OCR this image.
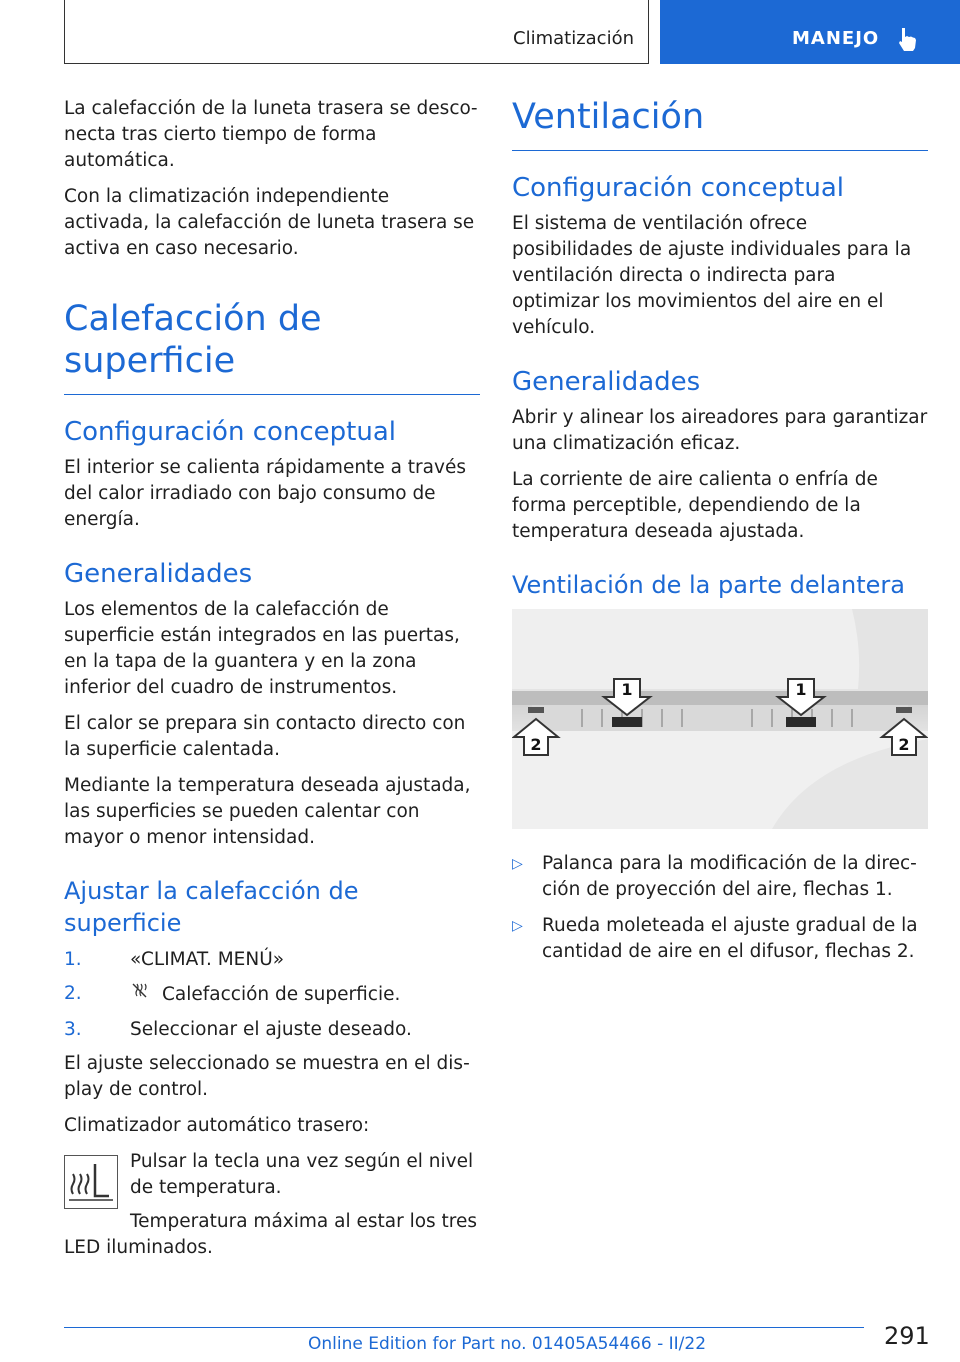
Climatización	MANEJO

La calefacción de la luneta trasera se desconecta tras cierto tiempo de forma automática.

Con la climatización independiente activada, la calefacción de luneta trasera se activa en caso necesario.

Calefacción de superficie
Configuración conceptual

El interior se calienta rápidamente a través del calor irradiado con bajo consumo de energía.

Generalidades

Los elementos de la calefacción de superficie están integrados en las puertas, en la tapa de la guantera y en la zona inferior del cuadro de instrumentos.

El calor se prepara sin contacto directo con la superficie calentada.

Mediante la temperatura deseada ajustada, las superficies se pueden calentar con mayor o menor intensidad.

Ajustar la calefacción de superficie
1.	«CLIMAT. MENÚ»
2.	Calefacción de superficie.
3.	Seleccionar el ajuste deseado.

El ajuste seleccionado se muestra en el display de control.

Climatizador automático trasero:

Pulsar la tecla una vez según el nivel de temperatura.

Temperatura máxima al estar los tres LED iluminados.

Ventilación
Configuración conceptual

El sistema de ventilación ofrece posibilidades de ajuste individuales para la ventilación directa o indirecta para optimizar los movimientos del aire en el vehículo.

Generalidades

Abrir y alinear los aireadores para garantizar una climatización eficaz.

La corriente de aire calienta o enfría de forma perceptible, dependiendo de la temperatura deseada ajustada.

Ventilación de la parte delantera
1	1
2	2
▷ Palanca para la modificación de la dirección de proyección del aire, flechas 1.
▷ Rueda moleteada el ajuste gradual de la cantidad de aire en el difusor, flechas 2.
291
Online Edition for Part no. 01405A54466 - II/22
